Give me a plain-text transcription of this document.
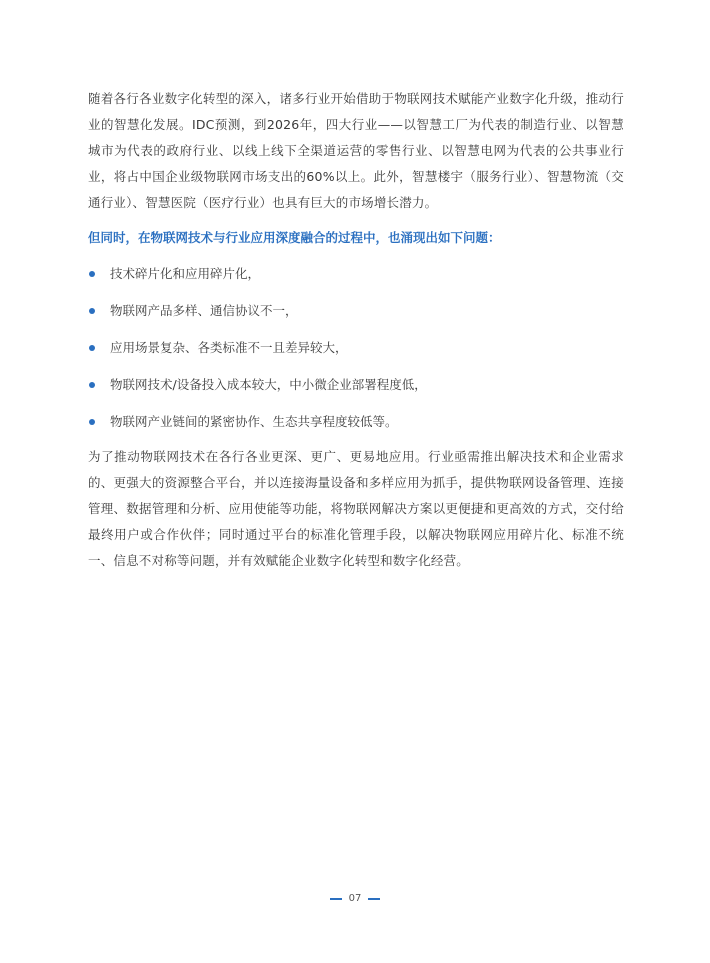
随着各行各业数字化转型的深入，诸多行业开始借助于物联网技术赋能产业数字化升级，推动行业的智慧化发展。IDC预测，到2026年，四大行业——以智慧工厂为代表的制造行业、以智慧城市为代表的政府行业、以线上线下全渠道运营的零售行业、以智慧电网为代表的公共事业行业，将占中国企业级物联网市场支出的60%以上。此外，智慧楼宇（服务行业）、智慧物流（交通行业）、智慧医院（医疗行业）也具有巨大的市场增长潜力。

但同时，在物联网技术与行业应用深度融合的过程中，也涌现出如下问题：
技术碎片化和应用碎片化，
物联网产品多样、通信协议不一，
应用场景复杂、各类标准不一且差异较大，
物联网技术/设备投入成本较大，中小微企业部署程度低，
物联网产业链间的紧密协作、生态共享程度较低等。

为了推动物联网技术在各行各业更深、更广、更易地应用。行业亟需推出解决技术和企业需求的、更强大的资源整合平台，并以连接海量设备和多样应用为抓手，提供物联网设备管理、连接管理、数据管理和分析、应用使能等功能，将物联网解决方案以更便捷和更高效的方式，交付给最终用户或合作伙伴；同时通过平台的标准化管理手段，以解决物联网应用碎片化、标准不统一、信息不对称等问题，并有效赋能企业数字化转型和数字化经营。

07
